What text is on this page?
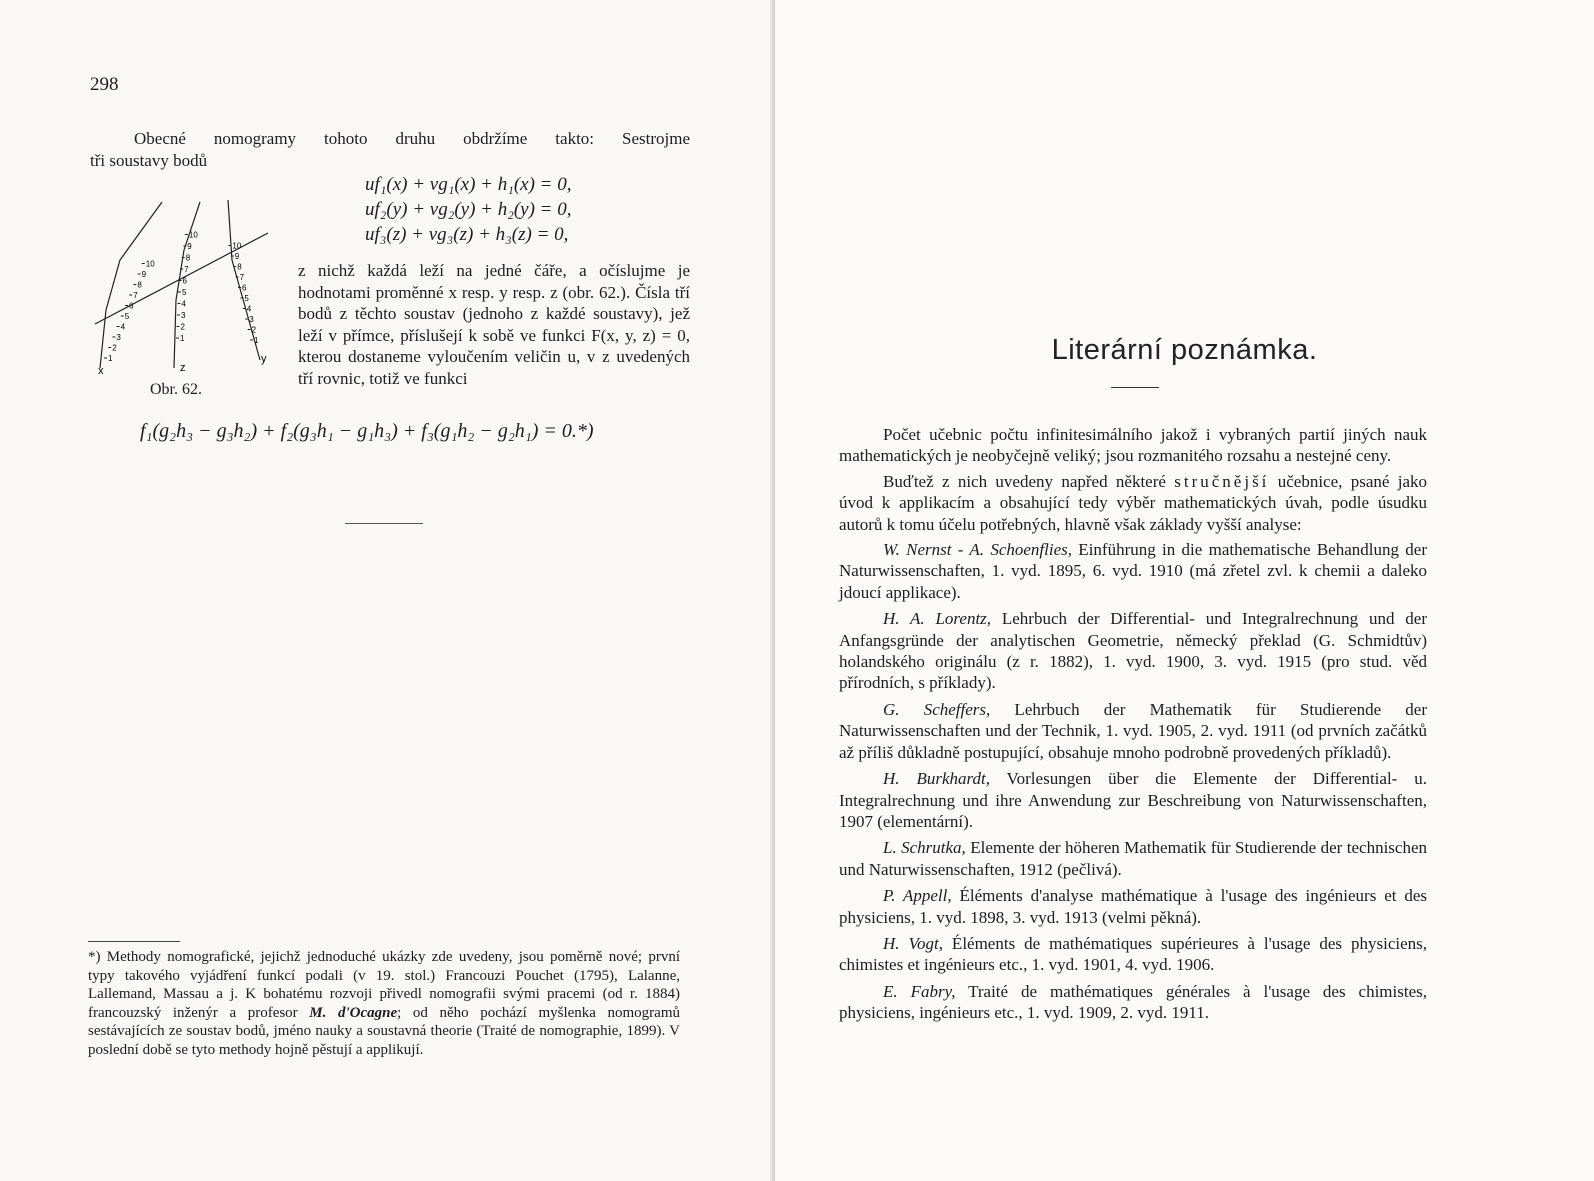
298
Obecné nomogramy tohoto druhu obdržíme takto: Sestrojme
tři soustavy bodů
uf₁(x) + vg₁(x) + h₁(x) = 0,
uf₂(y) + vg₂(y) + h₂(y) = 0,
uf₃(z) + vg₃(z) + h₃(z) = 0,
1
2
3
4
5
6
7
8
9
10
1
2
3
4
5
6
7
8
9
10
1
2
3
4
5
6
7
8
9
10
x	z
y
Obr. 62.
z nichž každá leží na jedné čáře, a očíslujme je hodnotami proměnné x resp. y resp. z (obr. 62.). Čísla tří bodů z těchto soustav (jednoho z každé soustavy), jež leží v přímce, příslušejí k sobě ve funkci F(x, y, z) = 0, kterou dostaneme vyloučením veličin u, v z uvedených tří rovnic, totiž ve funkci
f₁(g₂h₃ − g₃h₂) + f₂(g₃h₁ − g₁h₃) + f₃(g₁h₂ − g₂h₁) = 0.*)
*) Methody nomografické, jejichž jednoduché ukázky zde uvedeny, jsou poměrně nové; první typy takového vyjádření funkcí podali (v 19. stol.) Francouzi Pouchet (1795), Lalanne, Lallemand, Massau a j. K bohatému rozvoji přivedl nomografii svými pracemi (od r. 1884) francouzský inženýr a profesor M. d'Ocagne; od něho pochází myšlenka nomogramů sestávajících ze soustav bodů, jméno nauky a soustavná theorie (Traité de nomographie, 1899). V poslední době se tyto methody hojně pěstují a applikují.
Literární poznámka.

Počet učebnic počtu infinitesimálního jakož i vybraných partií jiných nauk mathematických je neobyčejně veliký; jsou rozmanitého rozsahu a nestejné ceny.

Buďtež z nich uvedeny napřed některé stručnější učebnice, psané jako úvod k applikacím a obsahující tedy výběr mathematických úvah, podle úsudku autorů k tomu účelu potřebných, hlavně však základy vyšší analyse:

W. Nernst - A. Schoenflies, Einführung in die mathematische Behandlung der Naturwissenschaften, 1. vyd. 1895, 6. vyd. 1910 (má zřetel zvl. k chemii a daleko jdoucí applikace).

H. A. Lorentz, Lehrbuch der Differential- und Integralrechnung und der Anfangsgründe der analytischen Geometrie, německý překlad (G. Schmidtův) holandského originálu (z r. 1882), 1. vyd. 1900, 3. vyd. 1915 (pro stud. věd přírodních, s příklady).

G. Scheffers, Lehrbuch der Mathematik für Studierende der Naturwissenschaften und der Technik, 1. vyd. 1905, 2. vyd. 1911 (od prvních začátků až příliš důkladně postupující, obsahuje mnoho podrobně provedených příkladů).

H. Burkhardt, Vorlesungen über die Elemente der Differential- u. Integralrechnung und ihre Anwendung zur Beschreibung von Naturwissenschaften, 1907 (elementární).

L. Schrutka, Elemente der höheren Mathematik für Studierende der technischen und Naturwissenschaften, 1912 (pečlivá).

P. Appell, Éléments d'analyse mathématique à l'usage des ingénieurs et des physiciens, 1. vyd. 1898, 3. vyd. 1913 (velmi pěkná).

H. Vogt, Éléments de mathématiques supérieures à l'usage des physiciens, chimistes et ingénieurs etc., 1. vyd. 1901, 4. vyd. 1906.

E. Fabry, Traité de mathématiques générales à l'usage des chimistes, physiciens, ingénieurs etc., 1. vyd. 1909, 2. vyd. 1911.
